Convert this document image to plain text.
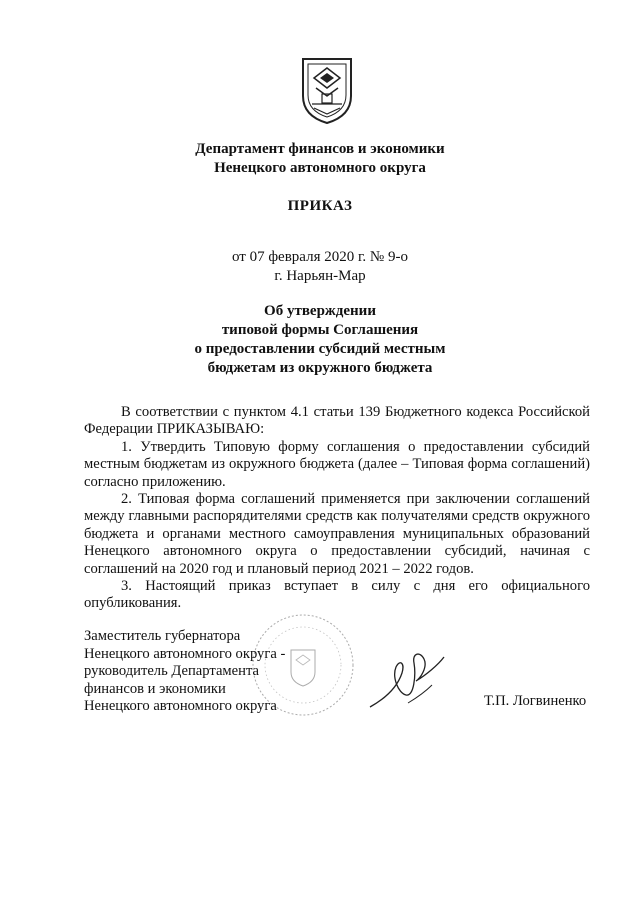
Департамент финансов и экономики
Ненецкого автономного округа
ПРИКАЗ
от 07 февраля 2020 г. № 9-о
г. Нарьян-Мар
Об утверждении
типовой формы Соглашения
о предоставлении субсидий местным
бюджетам из окружного бюджета

В соответствии с пунктом 4.1 статьи 139 Бюджетного кодекса Российской Федерации ПРИКАЗЫВАЮ:

1. Утвердить Типовую форму соглашения о предоставлении субсидий местным бюджетам из окружного бюджета (далее – Типовая форма соглашений) согласно приложению.

2. Типовая форма соглашений применяется при заключении соглашений между главными распорядителями средств как получателями средств окружного бюджета и органами местного самоуправления муниципальных образований Ненецкого автономного округа о предоставлении субсидий, начиная с соглашений на 2020 год и плановый период 2021 – 2022 годов.

3. Настоящий приказ вступает в силу с дня его официального опубликования.

Заместитель губернатора
Ненецкого автономного округа -
руководитель Департамента
финансов и экономики
Ненецкого автономного округа	Т.П. Логвиненко
